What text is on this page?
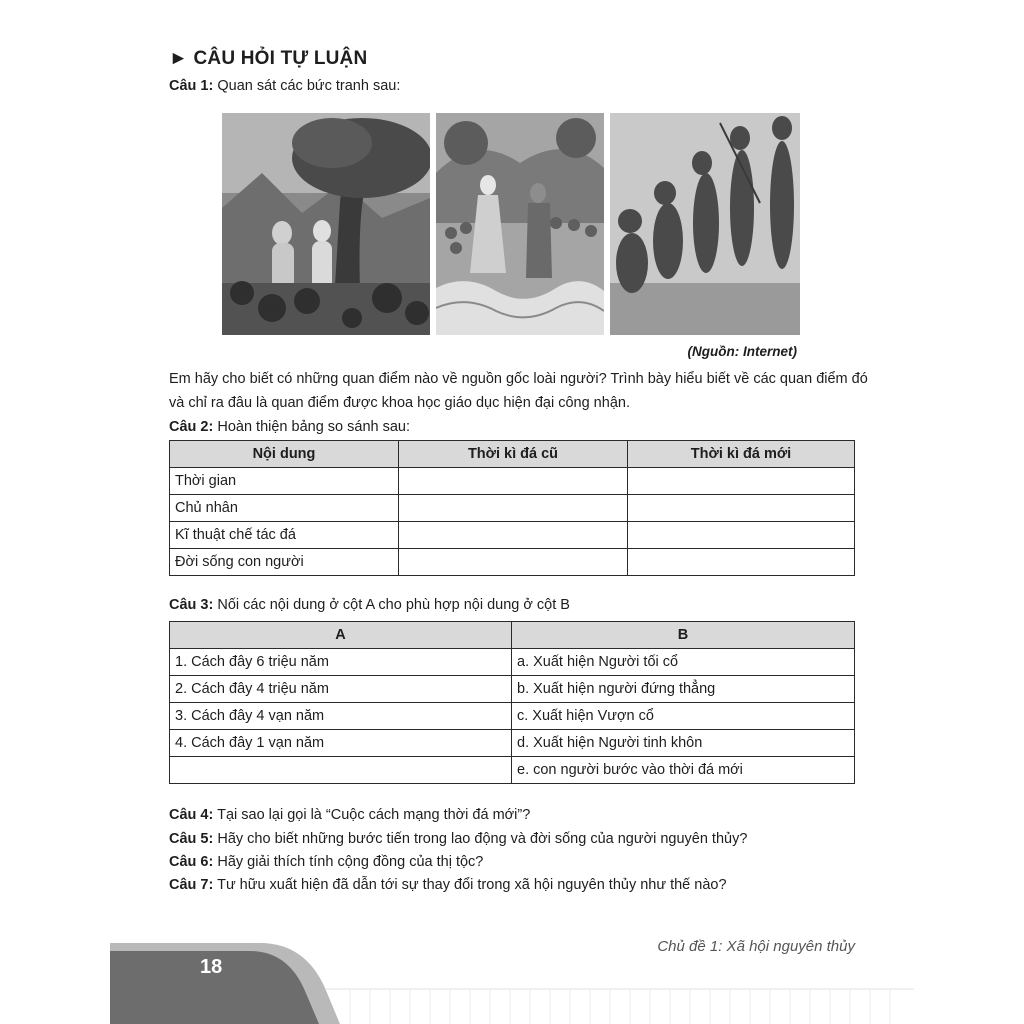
► CÂU HỎI TỰ LUẬN
Câu 1: Quan sát các bức tranh sau:
(Nguồn: Internet)
Em hãy cho biết có những quan điểm nào về nguồn gốc loài người? Trình bày hiểu biết về các quan điểm đó
và chỉ ra đâu là quan điểm được khoa học giáo dục hiện đại công nhận.
Câu 2: Hoàn thiện bảng so sánh sau:
Nội dung	Thời kì đá cũ	Thời kì đá mới
Thời gian		
Chủ nhân		
Kĩ thuật chế tác đá		
Đời sống con người		
Câu 3: Nối các nội dung ở cột A cho phù hợp nội dung ở cột B
A	B
1. Cách đây 6 triệu năm	a. Xuất hiện Người tối cổ
2. Cách đây 4 triệu năm	b. Xuất hiện người đứng thẳng
3. Cách đây 4 vạn năm	c. Xuất hiện Vượn cổ
4. Cách đây 1 vạn năm	d. Xuất hiện Người tinh khôn
	e. con người bước vào thời đá mới
Câu 4: Tại sao lại gọi là “Cuộc cách mạng thời đá mới”?
Câu 5: Hãy cho biết những bước tiến trong lao động và đời sống của người nguyên thủy?
Câu 6: Hãy giải thích tính cộng đồng của thị tộc?
Câu 7: Tư hữu xuất hiện đã dẫn tới sự thay đổi trong xã hội nguyên thủy như thế nào?
Chủ đề 1: Xã hội nguyên thủy
18
